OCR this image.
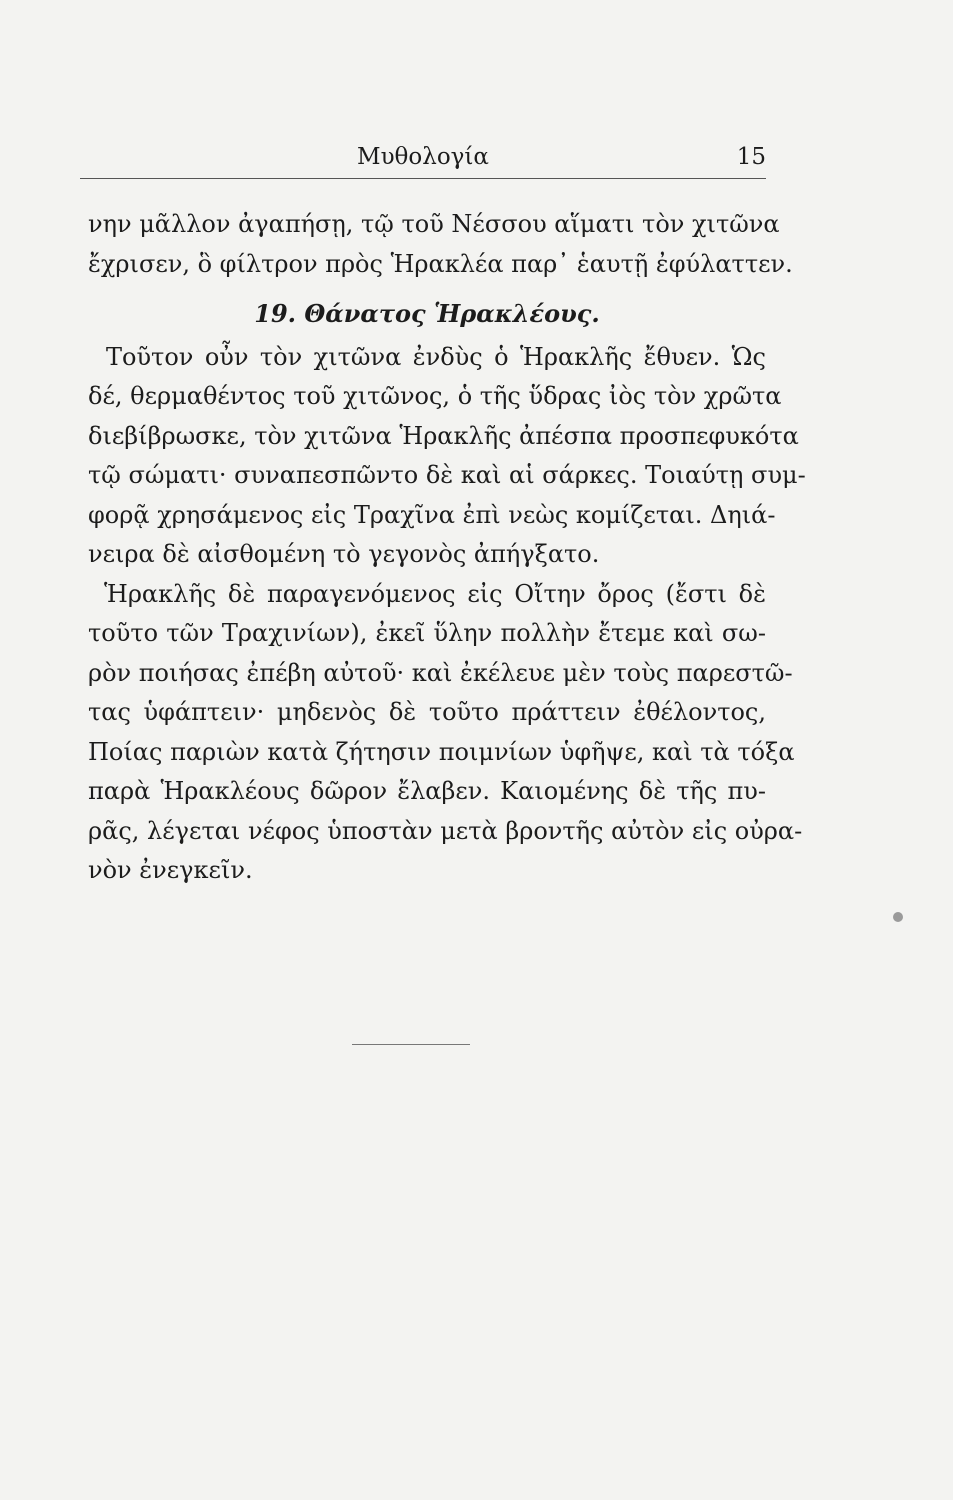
Μυθολογία	15
νην μᾶλλον ἀγαπήσῃ, τῷ τοῦ Νέσσου αἵματι τὸν χιτῶνα
ἔχρισεν, ὃ φίλτρον πρὸς Ἡρακλέα παρ᾽ ἑαυτῇ ἐφύλαττεν.
19. Θάνατος Ἡρακλέους.
Τοῦτον οὖν τὸν χιτῶνα ἐνδὺς ὁ Ἡρακλῆς ἔθυεν. Ὡς
δέ, θερμαθέντος τοῦ χιτῶνος, ὁ τῆς ὕδρας ἰὸς τὸν χρῶτα
διεβίβρωσκε, τὸν χιτῶνα Ἡρακλῆς ἀπέσπα προσπεφυκότα
τῷ σώματι· συναπεσπῶντο δὲ καὶ αἱ σάρκες. Τοιαύτῃ συμ-
φορᾷ χρησάμενος εἰς Τραχῖνα ἐπὶ νεὼς κομίζεται. Δηιά-
νειρα δὲ αἰσθομένη τὸ γεγονὸς ἀπήγξατο.
Ἡρακλῆς δὲ παραγενόμενος εἰς Οἴτην ὄρος (ἔστι δὲ
τοῦτο τῶν Τραχινίων), ἐκεῖ ὕλην πολλὴν ἔτεμε καὶ σω-
ρὸν ποιήσας ἐπέβη αὐτοῦ· καὶ ἐκέλευε μὲν τοὺς παρεστῶ-
τας ὑφάπτειν· μηδενὸς δὲ τοῦτο πράττειν ἐθέλοντος,
Ποίας παριὼν κατὰ ζήτησιν ποιμνίων ὑφῆψε, καὶ τὰ τόξα
παρὰ Ἡρακλέους δῶρον ἔλαβεν. Καιομένης δὲ τῆς πυ-
ρᾶς, λέγεται νέφος ὑποστὰν μετὰ βροντῆς αὐτὸν εἰς οὐρα-
νὸν ἐνεγκεῖν.
